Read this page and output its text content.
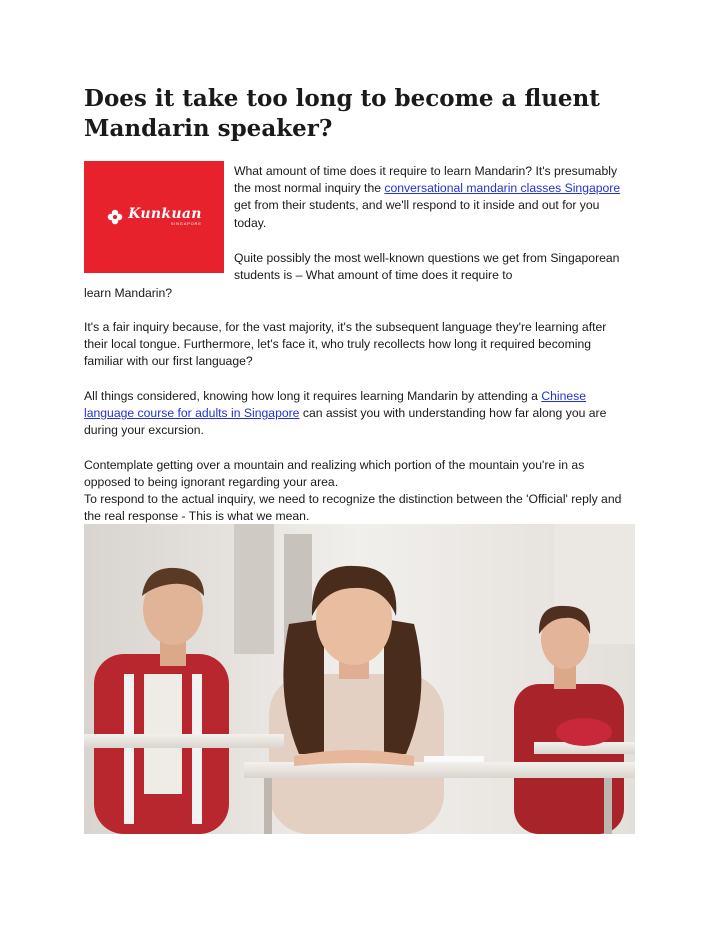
Does it take too long to become a fluent Mandarin speaker?
Kunkuan
SINGAPORE

What amount of time does it require to learn Mandarin? It's presumably the most normal inquiry the conversational mandarin classes Singapore get from their students, and we'll respond to it inside and out for you today.

Quite possibly the most well-known questions we get from Singaporean students is – What amount of time does it require to

learn Mandarin?

It's a fair inquiry because, for the vast majority, it's the subsequent language they're learning after their local tongue. Furthermore, let's face it, who truly recollects how long it required becoming familiar with our first language?

All things considered, knowing how long it requires learning Mandarin by attending a Chinese language course for adults in Singapore can assist you with understanding how far along you are during your excursion.

Contemplate getting over a mountain and realizing which portion of the mountain you're in as opposed to being ignorant regarding your area.

To respond to the actual inquiry, we need to recognize the distinction between the 'Official' reply and the real response - This is what we mean.
